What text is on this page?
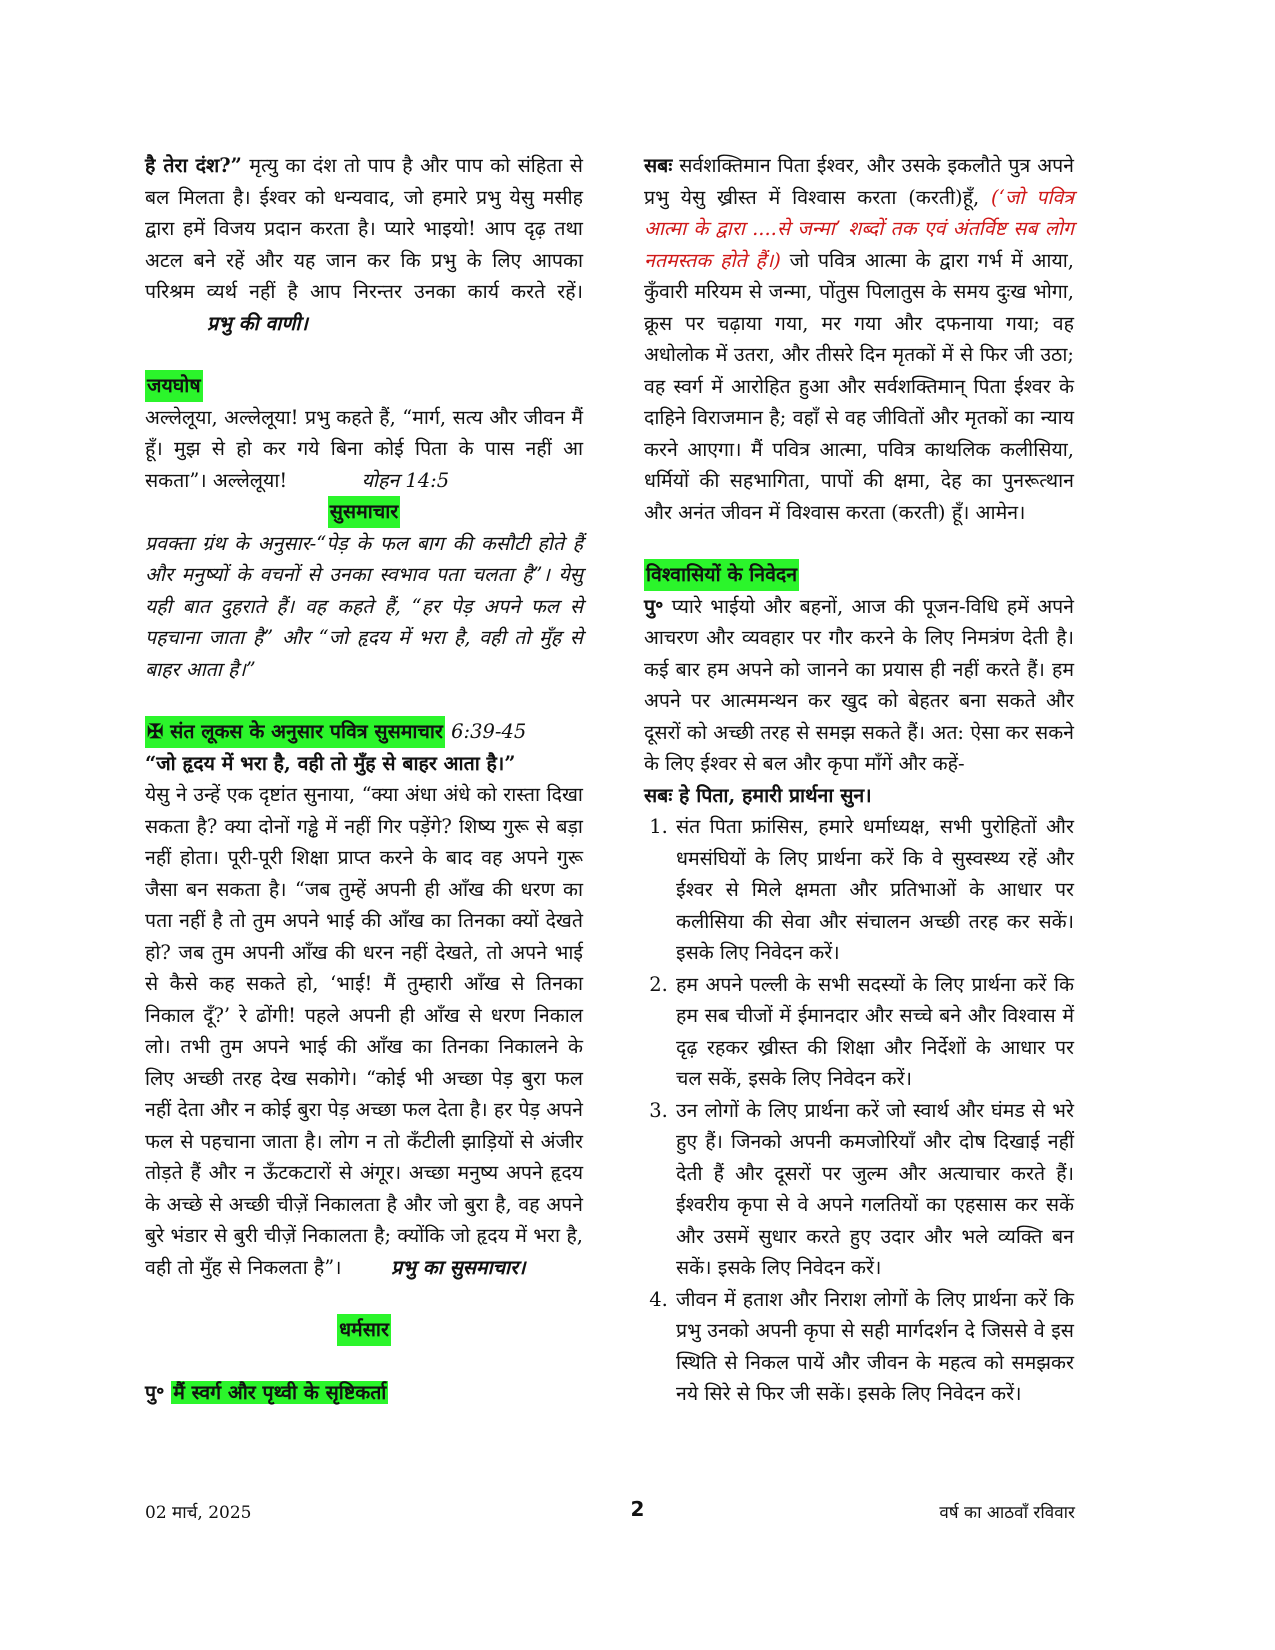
है तेरा दंश?” मृत्यु का दंश तो पाप है और पाप को संहिता से बल मिलता है। ईश्वर को धन्यवाद, जो हमारे प्रभु येसु मसीह द्वारा हमें विजय प्रदान करता है। प्यारे भाइयो! आप दृढ़ तथा अटल बने रहें और यह जान कर कि प्रभु के लिए आपका परिश्रम व्यर्थ नहीं है आप निरन्तर उनका कार्य करते रहें।           प्रभु की वाणी।

जयघोष

अल्लेलूया, अल्लेलूया! प्रभु कहते हैं, “मार्ग, सत्य और जीवन मैं हूँ। मुझ से हो कर गये बिना कोई पिता के पास नहीं आ सकता”। अल्लेलूया!	योहन 14:5

सुसमाचार

प्रवक्ता ग्रंथ के अनुसार-“पेड़ के फल बाग की कसौटी होते हैं और मनुष्यों के वचनों से उनका स्वभाव पता चलता है”। येसु यही बात दुहराते हैं। वह कहते हैं, “हर पेड़ अपने फल से पहचाना जाता है” और “जो हृदय में भरा है, वही तो मुँह से बाहर आता है।”

✠ संत लूकस के अनुसार पवित्र सुसमाचार 6:39-45

“जो हृदय में भरा है, वही तो मुँह से बाहर आता है।”

येसु ने उन्हें एक दृष्टांत सुनाया, “क्या अंधा अंधे को रास्ता दिखा सकता है? क्या दोनों गड्ढे में नहीं गिर पड़ेंगे? शिष्य गुरू से बड़ा नहीं होता। पूरी-पूरी शिक्षा प्राप्त करने के बाद वह अपने गुरू जैसा बन सकता है। “जब तुम्हें अपनी ही आँख की धरण का पता नहीं है तो तुम अपने भाई की आँख का तिनका क्यों देखते हो? जब तुम अपनी आँख की धरन नहीं देखते, तो अपने भाई से कैसे कह सकते हो, ‘भाई! मैं तुम्हारी आँख से तिनका निकाल दूँ?’ रे ढोंगी! पहले अपनी ही आँख से धरण निकाल लो। तभी तुम अपने भाई की आँख का तिनका निकालने के लिए अच्छी तरह देख सकोगे। “कोई भी अच्छा पेड़ बुरा फल नहीं देता और न कोई बुरा पेड़ अच्छा फल देता है। हर पेड़ अपने फल से पहचाना जाता है। लोग न तो कँटीली झाड़ियों से अंजीर तोड़ते हैं और न ऊँटकटारों से अंगूर। अच्छा मनुष्य अपने हृदय के अच्छे से अच्छी चीज़ें निकालता है और जो बुरा है, वह अपने बुरे भंडार से बुरी चीज़ें निकालता है; क्योंकि जो हृदय में भरा है, वही तो मुँह से निकलता है”।	प्रभु का सुसमाचार।

धर्मसार
पु॰ मैं स्वर्ग और पृथ्वी के सृष्टिकर्ता

सबः सर्वशक्तिमान पिता ईश्वर, और उसके इकलौते पुत्र अपने प्रभु येसु ख्रीस्त में विश्वास करता (करती)हूँ, (‘जो पवित्र आत्मा के द्वारा ....से जन्मा’ शब्दों तक एवं अंतर्विष्ट सब लोग नतमस्तक होते हैं।) जो पवित्र आत्मा के द्वारा गर्भ में आया, कुँवारी मरियम से जन्मा, पोंतुस पिलातुस के समय दुःख भोगा, क्रूस पर चढ़ाया गया, मर गया और दफनाया गया; वह अधोलोक में उतरा, और तीसरे दिन मृतकों में से फिर जी उठा; वह स्वर्ग में आरोहित हुआ और सर्वशक्तिमान् पिता ईश्वर के दाहिने विराजमान है; वहाँ से वह जीवितों और मृतकों का न्याय करने आएगा। मैं पवित्र आत्मा, पवित्र काथलिक कलीसिया, धर्मियों की सहभागिता, पापों की क्षमा, देह का पुनरूत्थान और अनंत जीवन में विश्वास करता (करती) हूँ। आमेन।

विश्वासियों के निवेदन

पु॰ प्यारे भाईयो और बहनों, आज की पूजन-विधि हमें अपने आचरण और व्यवहार पर गौर करने के लिए निमत्रंण देती है। कई बार हम अपने को जानने का प्रयास ही नहीं करते हैं। हम अपने पर आत्ममन्थन कर खुद को बेहतर बना सकते और दूसरों को अच्छी तरह से समझ सकते हैं। अत: ऐसा कर सकने के लिए ईश्वर से बल और कृपा माँगें और कहें-

सबः हे पिता, हमारी प्रार्थना सुन।

1. संत पिता फ्रांसिस, हमारे धर्माध्यक्ष, सभी पुरोहितों और धमसंघियों के लिए प्रार्थना करें कि वे सुस्वस्थ्य रहें और ईश्वर से मिले क्षमता और प्रतिभाओं के आधार पर कलीसिया की सेवा और संचालन अच्छी तरह कर सकें। इसके लिए निवेदन करें।
2. हम अपने पल्ली के सभी सदस्यों के लिए प्रार्थना करें कि हम सब चीजों में ईमानदार और सच्चे बने और विश्वास में दृढ़ रहकर ख्रीस्त की शिक्षा और निर्देशों के आधार पर चल सकें, इसके लिए निवेदन करें।
3. उन लोगों के लिए प्रार्थना करें जो स्वार्थ और घंमड से भरे हुए हैं। जिनको अपनी कमजोरियाँ और दोष दिखाई नहीं देती हैं और दूसरों पर जुल्म और अत्याचार करते हैं। ईश्वरीय कृपा से वे अपने गलतियों का एहसास कर सकें और उसमें सुधार करते हुए उदार और भले व्यक्ति बन सकें। इसके लिए निवेदन करें।
4. जीवन में हताश और निराश लोगों के लिए प्रार्थना करें कि प्रभु उनको अपनी कृपा से सही मार्गदर्शन दे जिससे वे इस स्थिति से निकल पायें और जीवन के महत्व को समझकर नये सिरे से फिर जी सकें। इसके लिए निवेदन करें।
02 मार्च, 2025	2	वर्ष का आठवाँ रविवार
